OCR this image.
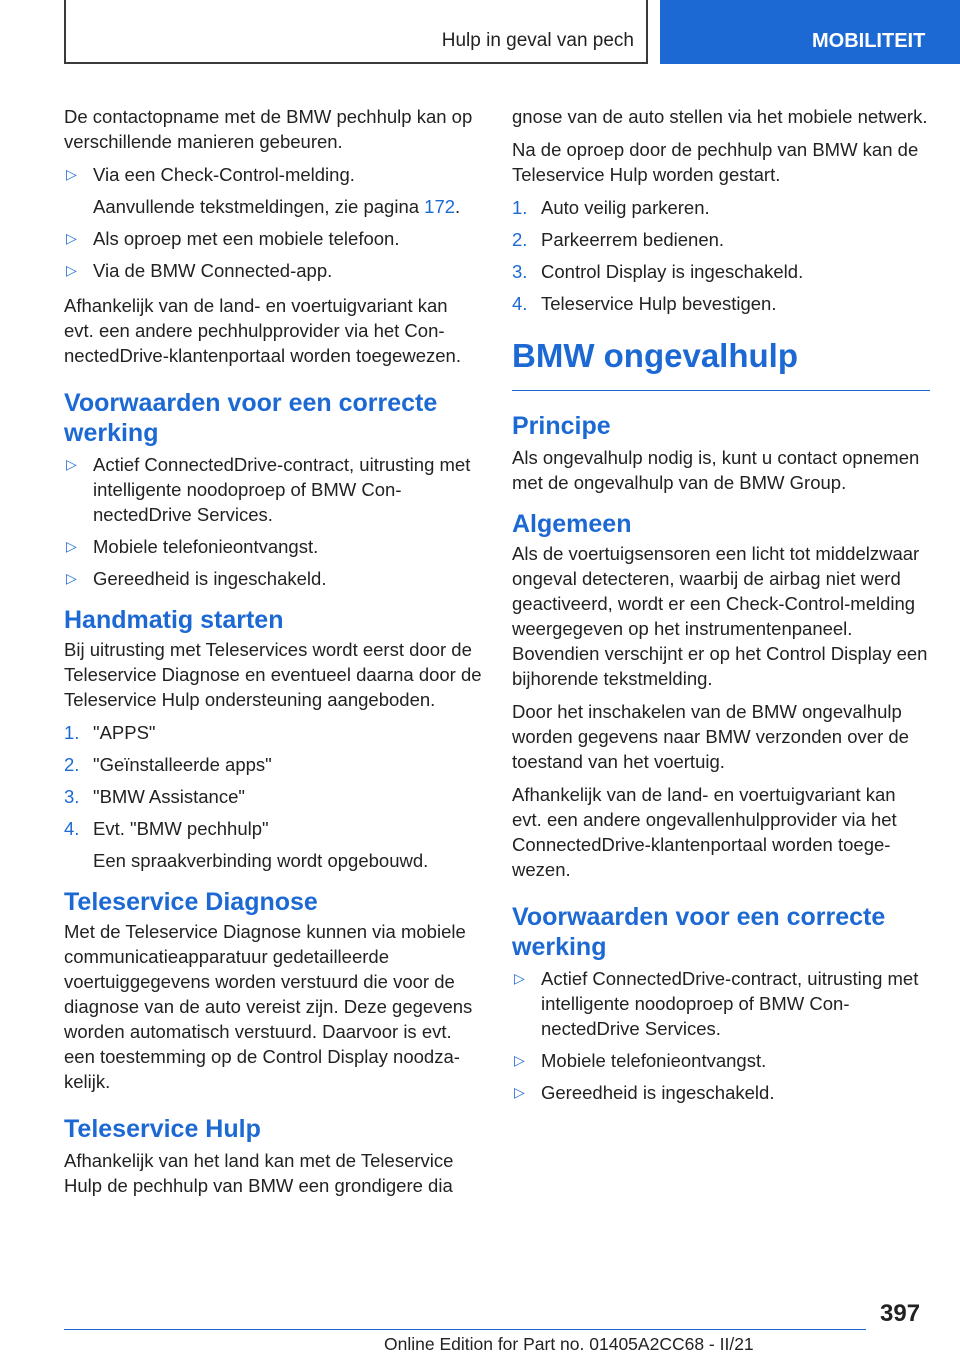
Hulp in geval van pech	MOBILITEIT

De contactopname met de BMW pechhulp kan op verschillende manieren gebeuren.

▷ Via een Check-Control-melding.
Aanvullende tekstmeldingen, zie pagina 172.
▷ Als oproep met een mobiele telefoon.
▷ Via de BMW Connected-app.

Afhankelijk van de land- en voertuigvariant kan evt. een andere pechhulpprovider via het ConnectedDrive-klantenportaal worden toegewezen.

Voorwaarden voor een correcte werking
▷ Actief ConnectedDrive-contract, uitrusting met intelligente noodoproep of BMW ConnectedDrive Services.
▷ Mobiele telefonieontvangst.
▷ Gereedheid is ingeschakeld.
Handmatig starten

Bij uitrusting met Teleservices wordt eerst door de Teleservice Diagnose en eventueel daarna door de Teleservice Hulp ondersteuning aangeboden.

1. "APPS"
2. "Geïnstalleerde apps"
3. "BMW Assistance"
4. Evt. "BMW pechhulp"
Een spraakverbinding wordt opgebouwd.
Teleservice Diagnose

Met de Teleservice Diagnose kunnen via mobiele communicatieapparatuur gedetailleerde voertuiggegevens worden verstuurd die voor de diagnose van de auto vereist zijn. Deze gegevens worden automatisch verstuurd. Daarvoor is evt. een toestemming op de Control Display noodzakelijk.

Teleservice Hulp

Afhankelijk van het land kan met de Teleservice Hulp de pechhulp van BMW een grondigere dia

gnose van de auto stellen via het mobiele netwerk.

Na de oproep door de pechhulp van BMW kan de Teleservice Hulp worden gestart.

1. Auto veilig parkeren.
2. Parkeerrem bedienen.
3. Control Display is ingeschakeld.
4. Teleservice Hulp bevestigen.
BMW ongevalhulp
Principe

Als ongevalhulp nodig is, kunt u contact opnemen met de ongevalhulp van de BMW Group.

Algemeen

Als de voertuigsensoren een licht tot middelzwaar ongeval detecteren, waarbij de airbag niet werd geactiveerd, wordt er een Check-Control-melding weergegeven op het instrumentenpaneel. Bovendien verschijnt er op het Control Display een bijhorende tekstmelding.

Door het inschakelen van de BMW ongevalhulp worden gegevens naar BMW verzonden over de toestand van het voertuig.

Afhankelijk van de land- en voertuigvariant kan evt. een andere ongevallenhulpprovider via het ConnectedDrive-klantenportaal worden toegewezen.

Voorwaarden voor een correcte werking
▷ Actief ConnectedDrive-contract, uitrusting met intelligente noodoproep of BMW ConnectedDrive Services.
▷ Mobiele telefonieontvangst.
▷ Gereedheid is ingeschakeld.
397
Online Edition for Part no. 01405A2CC68 - II/21
